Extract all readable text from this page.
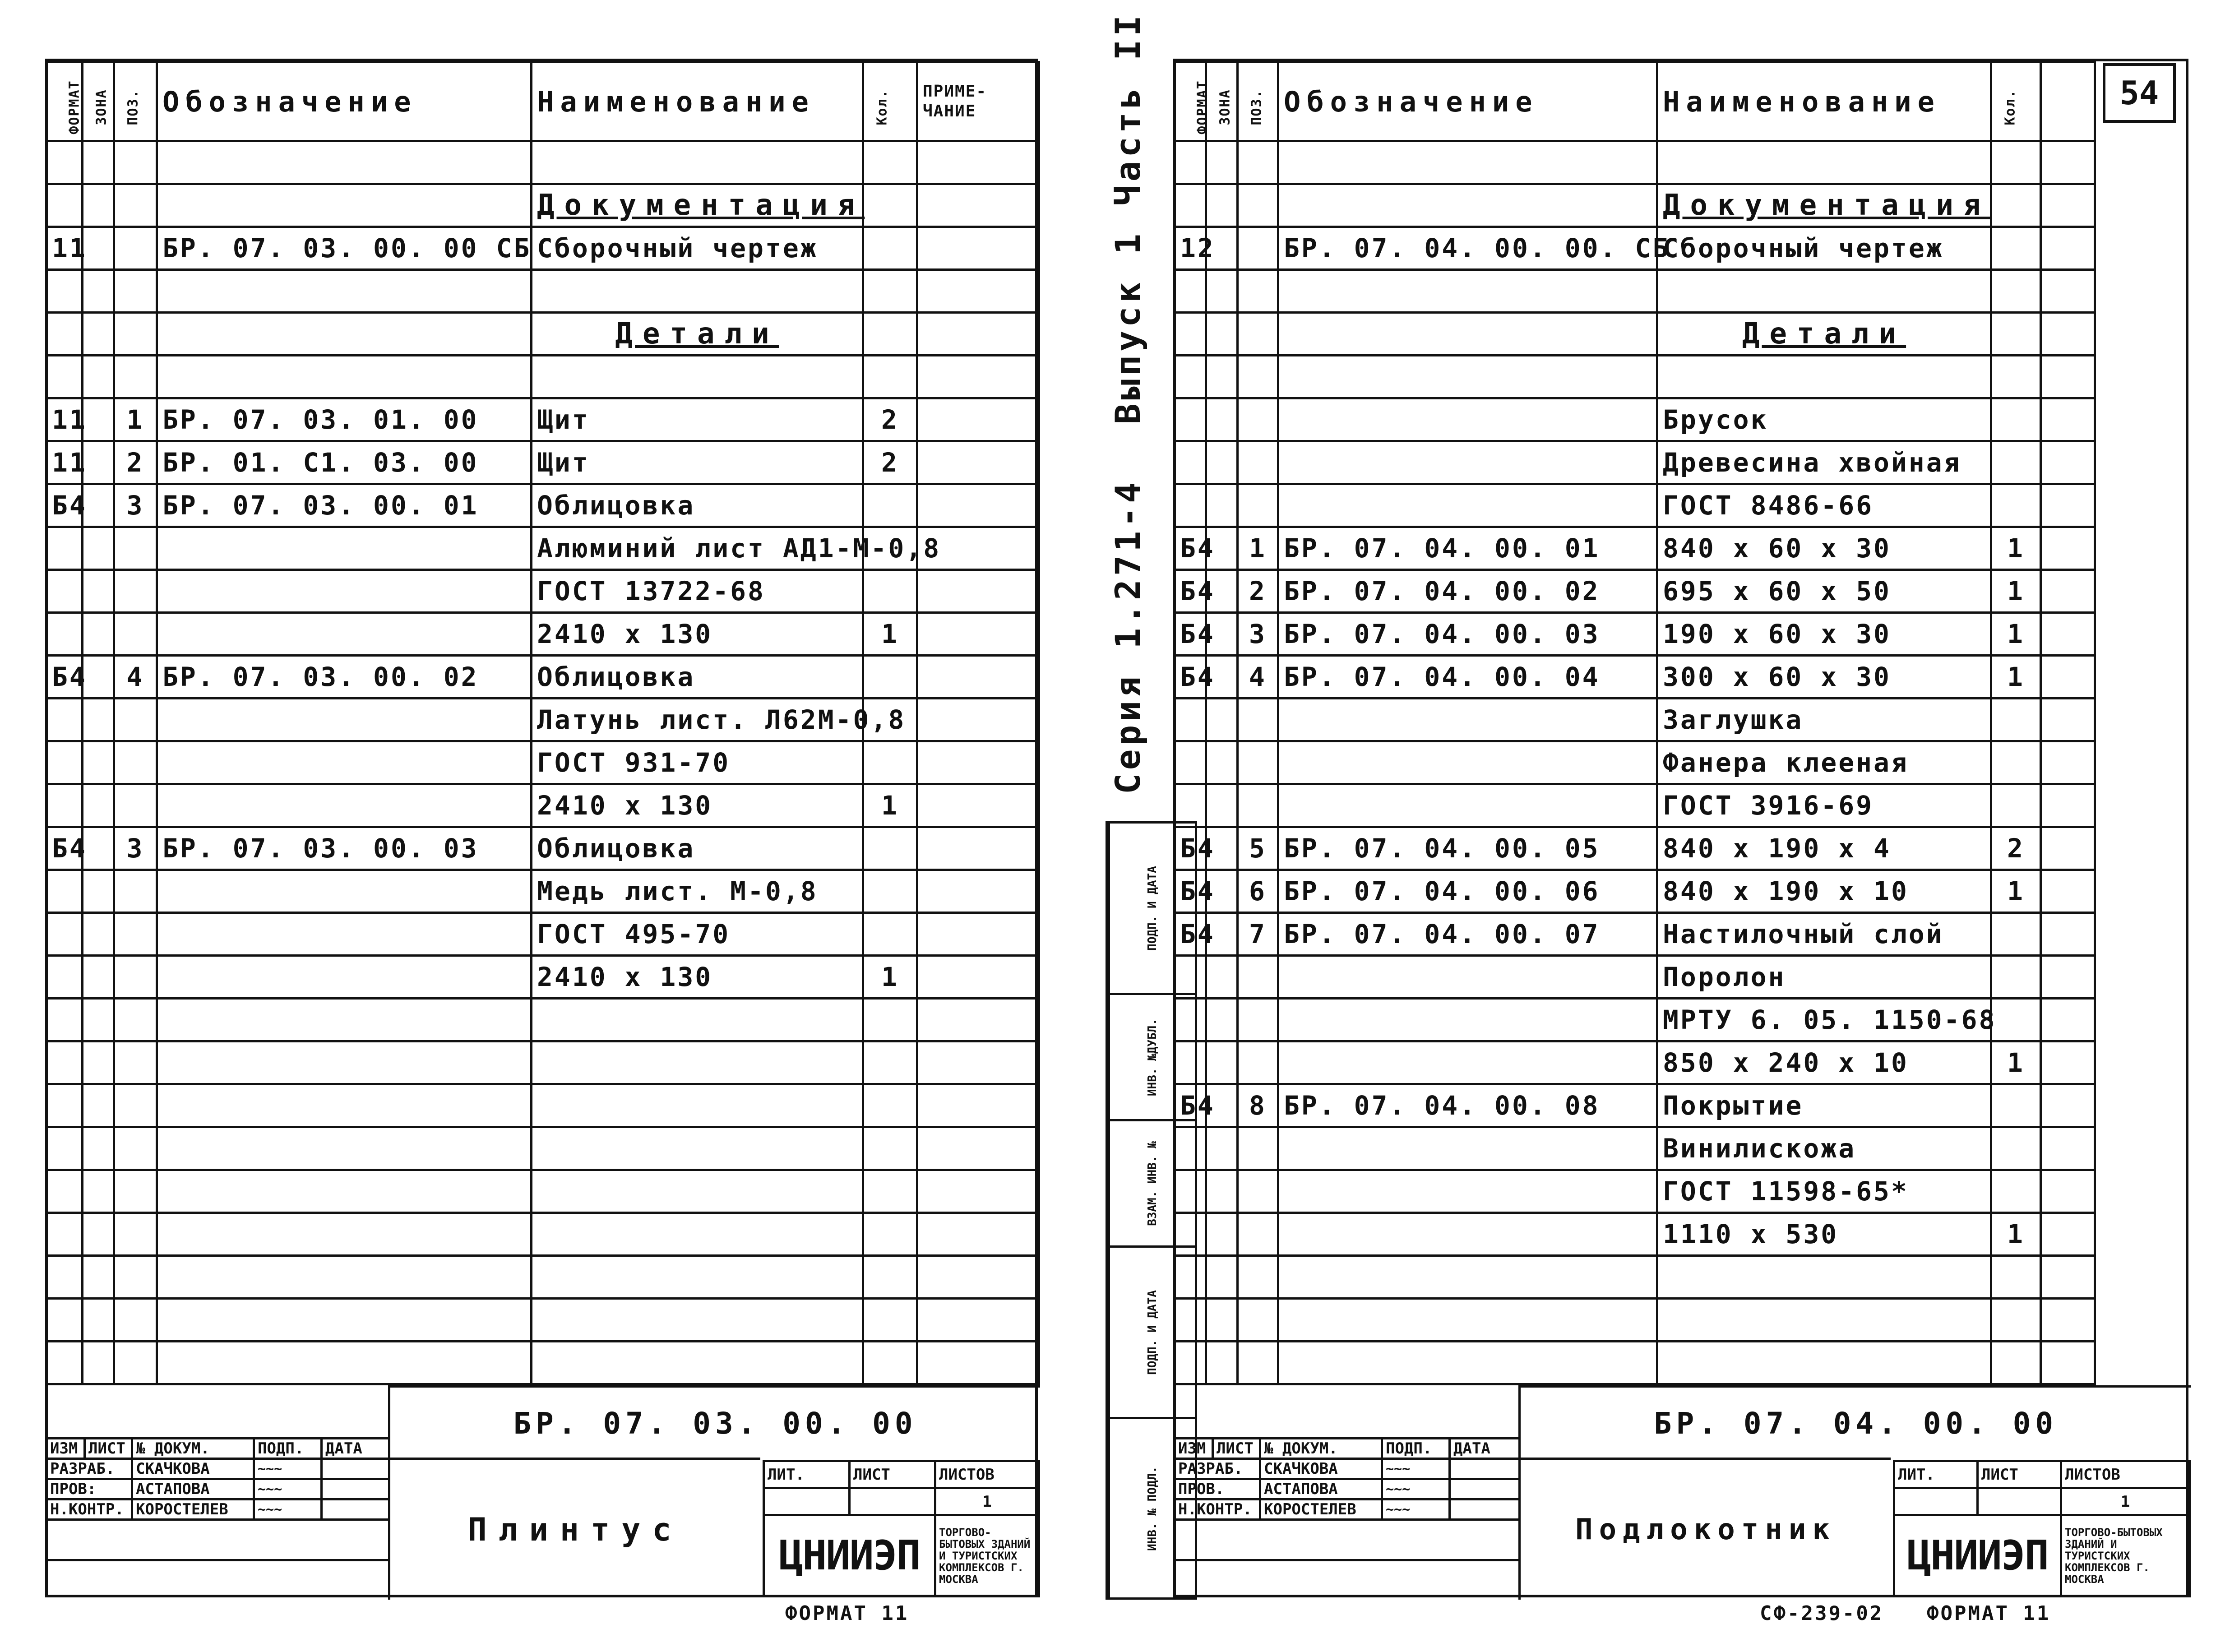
ФОРМАТ	ЗОНА	ПОЗ.	Обозначение	Наименование	Кол.	ПРИМЕ-ЧАНИЕ

				Документация		
11			БР. 07. 03. 00. 00 СБ	Сборочный чертеж		

				Детали		

11		1	БР. 07. 03. 01. 00	Щит	2	
11		2	БР. 01. С1. 03. 00	Щит	2	
Б4		3	БР. 07. 03. 00. 01	Облицовка		
				Алюминий лист АД1-М-0,8		
				ГОСТ 13722-68		
				2410 х 130	1	
Б4		4	БР. 07. 03. 00. 02	Облицовка		
				Латунь лист. Л62М-0,8		
				ГОСТ 931-70		
				2410 х 130	1	
Б4		3	БР. 07. 03. 00. 03	Облицовка		
				Медь лист. М-0,8		
				ГОСТ 495-70		
				2410 х 130	1	

БР. 07. 03. 00. 00
ИЗМ	ЛИСТ	№ ДОКУМ.	ПОДП.	ДАТА
РАЗРАБ.		СКАЧКОВА	~~~	
ПРОВ:		АСТАПОВА	~~~	
Н.КОНТР.		КОРОСТЕЛЕВ	~~~	

Плинтус
ЛИТ.	ЛИСТ	ЛИСТОВ
		1
ЦНИИЭП		ТОРГОВО-БЫТОВЫХ ЗДАНИЙ И ТУРИСТСКИХ КОМПЛЕКСОВ Г. МОСКВА
ФОРМАТ 11
Серия 1.271-4
Выпуск 1 Часть II
	ПОДП. И ДАТА
	ИНВ. №ДУБЛ.
	ВЗАМ. ИНВ. №
	ПОДП. И ДАТА
	ИНВ. № ПОДЛ.
54
ФОРМАТ	ЗОНА	ПОЗ.	Обозначение	Наименование	Кол.	

				Документация		
12			БР. 07. 04. 00. 00. СБ	Сборочный чертеж		

				Детали		

				Брусок		
				Древесина хвойная		
				ГОСТ 8486-66		
Б4		1	БР. 07. 04. 00. 01	840 х 60 х 30	1	
Б4		2	БР. 07. 04. 00. 02	695 х 60 х 50	1	
Б4		3	БР. 07. 04. 00. 03	190 х 60 х 30	1	
Б4		4	БР. 07. 04. 00. 04	300 х 60 х 30	1	
				Заглушка		
				Фанера клееная		
				ГОСТ 3916-69		
Б4		5	БР. 07. 04. 00. 05	840 х 190 х 4	2	
Б4		6	БР. 07. 04. 00. 06	840 х 190 х 10	1	
Б4		7	БР. 07. 04. 00. 07	Настилочный слой		
				Поролон		
				МРТУ 6. 05. 1150-68		
				850 х 240 х 10	1	
Б4		8	БР. 07. 04. 00. 08	Покрытие		
				Винилискожа		
				ГОСТ 11598-65*		
				1110 х 530	1	

БР. 07. 04. 00. 00
ИЗМ	ЛИСТ	№ ДОКУМ.	ПОДП.	ДАТА
РАЗРАБ.		СКАЧКОВА	~~~	
ПРОВ.		АСТАПОВА	~~~	
Н.КОНТР.		КОРОСТЕЛЕВ	~~~	

Подлокотник
ЛИТ.	ЛИСТ	ЛИСТОВ
		1
ЦНИИЭП		ТОРГОВО-БЫТОВЫХ ЗДАНИЙ И ТУРИСТСКИХ КОМПЛЕКСОВ Г. МОСКВА
СФ-239-02 ФОРМАТ 11
